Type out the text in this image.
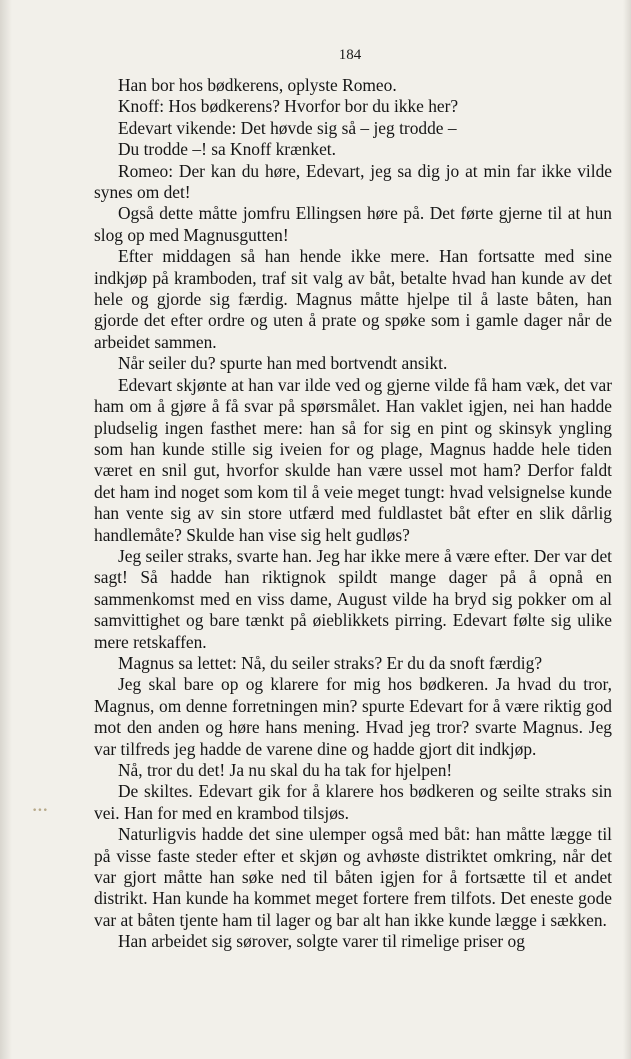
184

Han bor hos bødkerens, oplyste Romeo.

Knoff: Hos bødkerens? Hvorfor bor du ikke her?

Edevart vikende: Det høvde sig så – jeg trodde –

Du trodde –! sa Knoff krænket.

Romeo: Der kan du høre, Edevart, jeg sa dig jo at min far ikke vilde synes om det!

Også dette måtte jomfru Ellingsen høre på. Det førte gjerne til at hun slog op med Magnusgutten!

Efter middagen så han hende ikke mere. Han fortsatte med sine indkjøp på kramboden, traf sit valg av båt, betalte hvad han kunde av det hele og gjorde sig færdig. Magnus måtte hjelpe til å laste båten, han gjorde det efter ordre og uten å prate og spøke som i gamle dager når de arbeidet sammen.

Når seiler du? spurte han med bortvendt ansikt.

Edevart skjønte at han var ilde ved og gjerne vilde få ham væk, det var ham om å gjøre å få svar på spørsmålet. Han vaklet igjen, nei han hadde pludselig ingen fasthet mere: han så for sig en pint og skinsyk yngling som han kunde stille sig iveien for og plage, Magnus hadde hele tiden været en snil gut, hvorfor skulde han være ussel mot ham? Derfor faldt det ham ind noget som kom til å veie meget tungt: hvad velsignelse kunde han vente sig av sin store utfærd med fuldlastet båt efter en slik dårlig handlemåte? Skulde han vise sig helt gudløs?

Jeg seiler straks, svarte han. Jeg har ikke mere å være efter. Der var det sagt! Så hadde han riktignok spildt mange dager på å opnå en sammenkomst med en viss dame, August vilde ha bryd sig pokker om al samvittighet og bare tænkt på øieblikkets pirring. Edevart følte sig ulike mere retskaffen.

Magnus sa lettet: Nå, du seiler straks? Er du da snoft færdig?

Jeg skal bare op og klarere for mig hos bødkeren. Ja hvad du tror, Magnus, om denne forretningen min? spurte Edevart for å være riktig god mot den anden og høre hans mening. Hvad jeg tror? svarte Magnus. Jeg var tilfreds jeg hadde de varene dine og hadde gjort dit indkjøp.

Nå, tror du det! Ja nu skal du ha tak for hjelpen!

De skiltes. Edevart gik for å klarere hos bødkeren og seilte straks sin vei. Han for med en krambod tilsjøs.

Naturligvis hadde det sine ulemper også med båt: han måtte lægge til på visse faste steder efter et skjøn og avhøste distriktet omkring, når det var gjort måtte han søke ned til båten igjen for å fortsætte til et andet distrikt. Han kunde ha kommet meget fortere frem tilfots. Det eneste gode var at båten tjente ham til lager og bar alt han ikke kunde lægge i sækken.

Han arbeidet sig sørover, solgte varer til rimelige priser og

•••
